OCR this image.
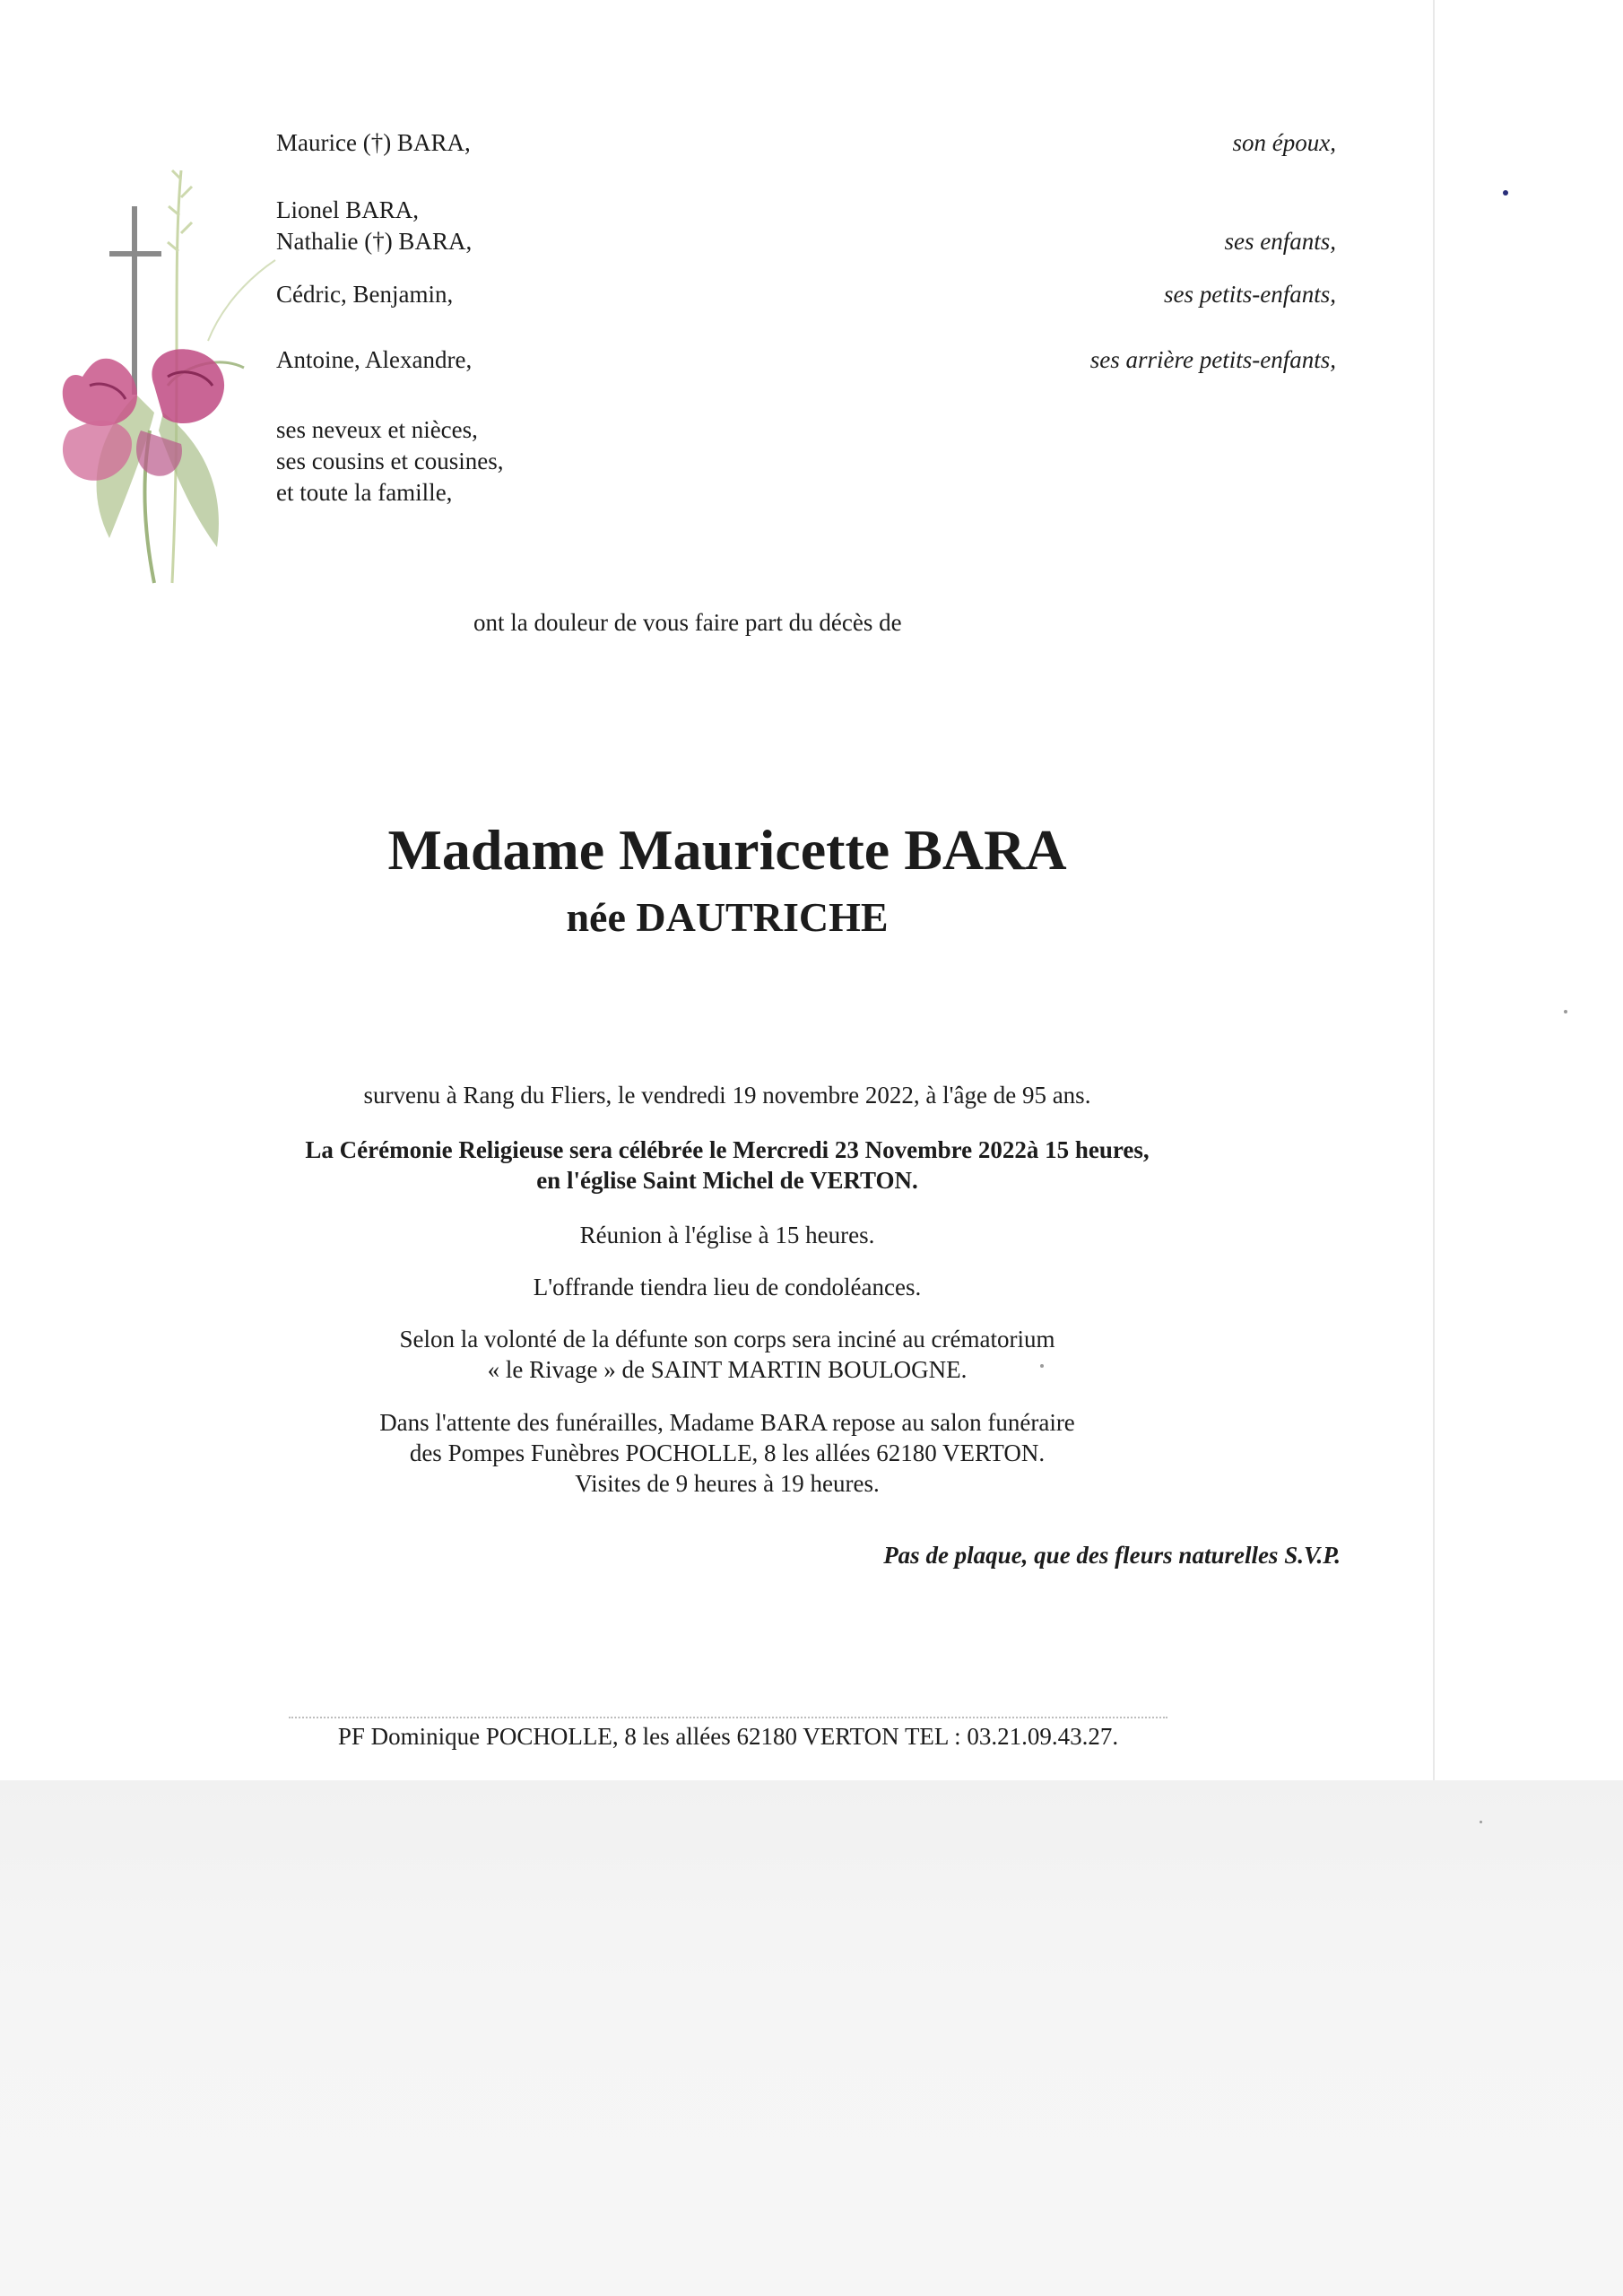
Maurice (†) BARA,
Lionel BARA,
Nathalie (†) BARA,
Cédric, Benjamin,
Antoine, Alexandre,
son époux,
ses enfants,
ses petits-enfants,
ses arrière petits-enfants,
ses neveux et nièces,
ses cousins et cousines,
et toute la famille,
ont la douleur de vous faire part du décès de
Madame Mauricette BARA
née DAUTRICHE
survenu à Rang du Fliers, le vendredi 19 novembre 2022, à l'âge de 95 ans.
La Cérémonie Religieuse sera célébrée le Mercredi 23 Novembre 2022à 15 heures,
en l'église Saint Michel de VERTON.
Réunion à l'église à 15 heures.
L'offrande tiendra lieu de condoléances.
Selon la volonté de la défunte son corps sera inciné au crématorium
« le Rivage » de SAINT MARTIN BOULOGNE.
Dans l'attente des funérailles, Madame BARA repose au salon funéraire
des Pompes Funèbres POCHOLLE, 8 les allées 62180 VERTON.
Visites de 9 heures à 19 heures.
Pas de plaque, que des fleurs naturelles S.V.P.
PF Dominique POCHOLLE, 8 les allées 62180 VERTON TEL : 03.21.09.43.27.
